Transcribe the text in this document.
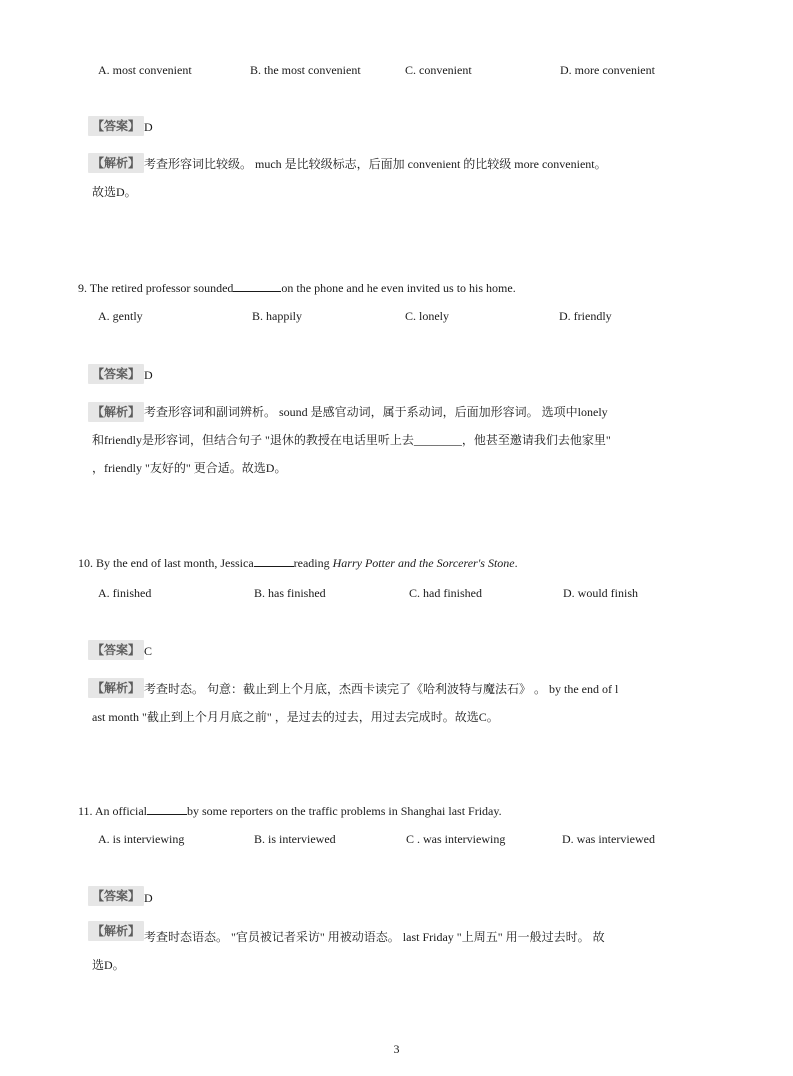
A. most convenient	B. the most convenient	C. convenient	D. more convenient
【答案】 D
【解析】 考查形容词比较级。 much 是比较级标志，后面加 convenient 的比较级 more convenient。
故选D。
9. The retired professor sounded	on the phone and he even invited us to his home.
A. gently	B. happily	C. lonely	D. friendly
【答案】 D
【解析】 考查形容词和副词辨析。 sound 是感官动词，属于系动词，后面加形容词。 选项中lonely
和friendly是形容词，但结合句子 "退休的教授在电话里听上去________，他甚至邀请我们去他家里"
，friendly "友好的" 更合适。故选D。
10. By the end of last month, Jessica	reading Harry Potter and the Sorcerer's Stone.
A. finished	B. has finished	C. had finished	D. would finish
【答案】 C
【解析】 考查时态。 句意：截止到上个月底，杰西卡读完了《哈利波特与魔法石》 。 by the end of l
ast month "截止到上个月月底之前" ，是过去的过去，用过去完成时。故选C。
11. An official	by some reporters on the traffic problems in Shanghai last Friday.
A. is interviewing	B. is interviewed	C . was interviewing	D. was interviewed
【答案】 D
【解析】 考查时态语态。 "官员被记者采访" 用被动语态。 last Friday "上周五" 用一般过去时。 故
选D。
3
